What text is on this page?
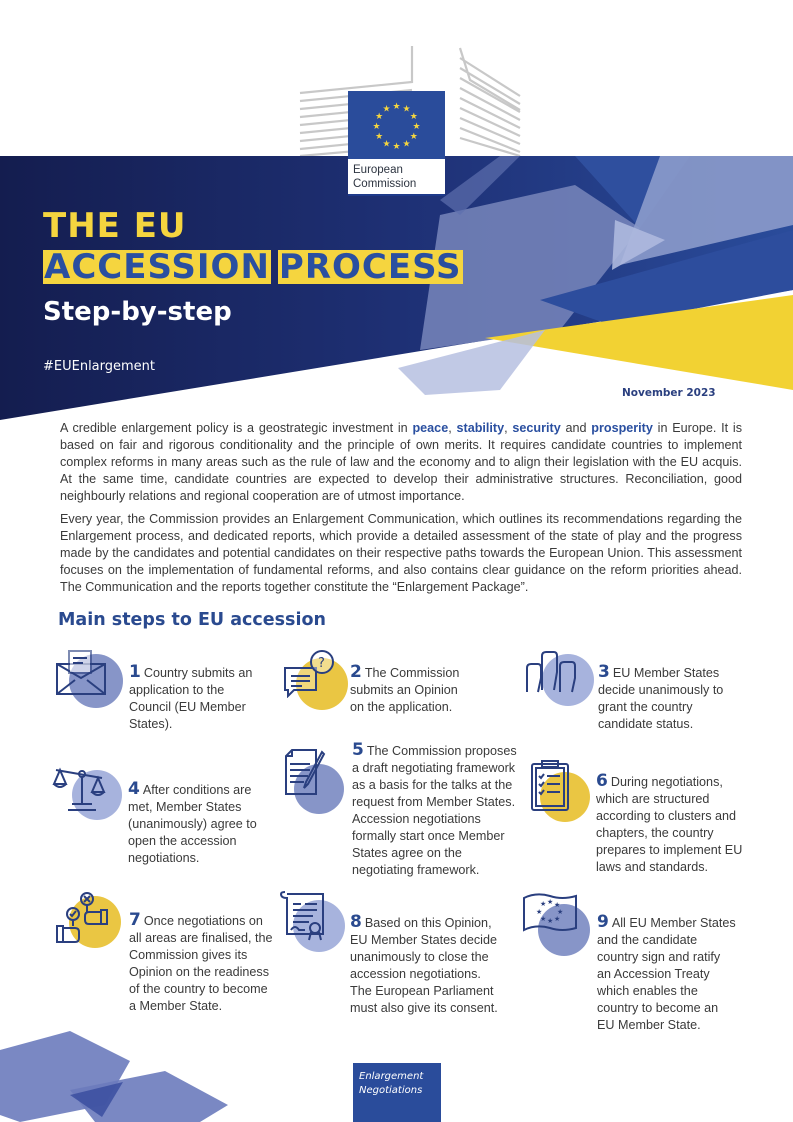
★ ★
★
★
★
★
★
★
★
★
★
★
European
Commission
THE EU
ACCESSION PROCESS
Step-by-step
#EUEnlargement
November 2023

A credible enlargement policy is a geostrategic investment in peace, stability, security and prosperity in Europe. It is based on fair and rigorous conditionality and the principle of own merits. It requires candidate countries to implement complex reforms in many areas such as the rule of law and the economy and to align their legislation with the EU acquis. At the same time, candidate countries are expected to develop their administrative structures. Reconciliation, good neighbourly relations and regional cooperation are of utmost importance.

Every year, the Commission provides an Enlargement Communication, which outlines its recommendations regarding the Enlargement process, and dedicated reports, which provide a detailed assessment of the state of play and the progress made by the candidates and potential candidates on their respective paths towards the European Union. This assessment focuses on the implementation of fundamental reforms, and also contains clear guidance on the reform priorities ahead. The Communication and the reports together constitute the “Enlargement Package”.

Main steps to EU accession
1 Country submits an application to the Council (EU Member States).
? 2 The Commission submits an Opinion on the application.
3 EU Member States decide unanimously to grant the country candidate status.
4 After conditions are met, Member States (unanimously) agree to open the accession negotiations.
5 The Commission proposes a draft negotiating framework as a basis for the talks at the request from Member States. Accession negotiations formally start once Member States agree on the negotiating framework.
6 During negotiations, which are structured according to clusters and chapters, the country prepares to implement EU laws and standards.
7 Once negotiations on all areas are finalised, the Commission gives its Opinion on the readiness of the country to become a Member State.
8 Based on this Opinion, EU Member States decide unanimously to close the accession negotiations. The European Parliament must also give its consent.
★ ★ ★
★
★
★
★
★	9 All EU Member States and the candidate country sign and ratify an Accession Treaty which enables the country to become an EU Member State.
Enlargement
Negotiations
